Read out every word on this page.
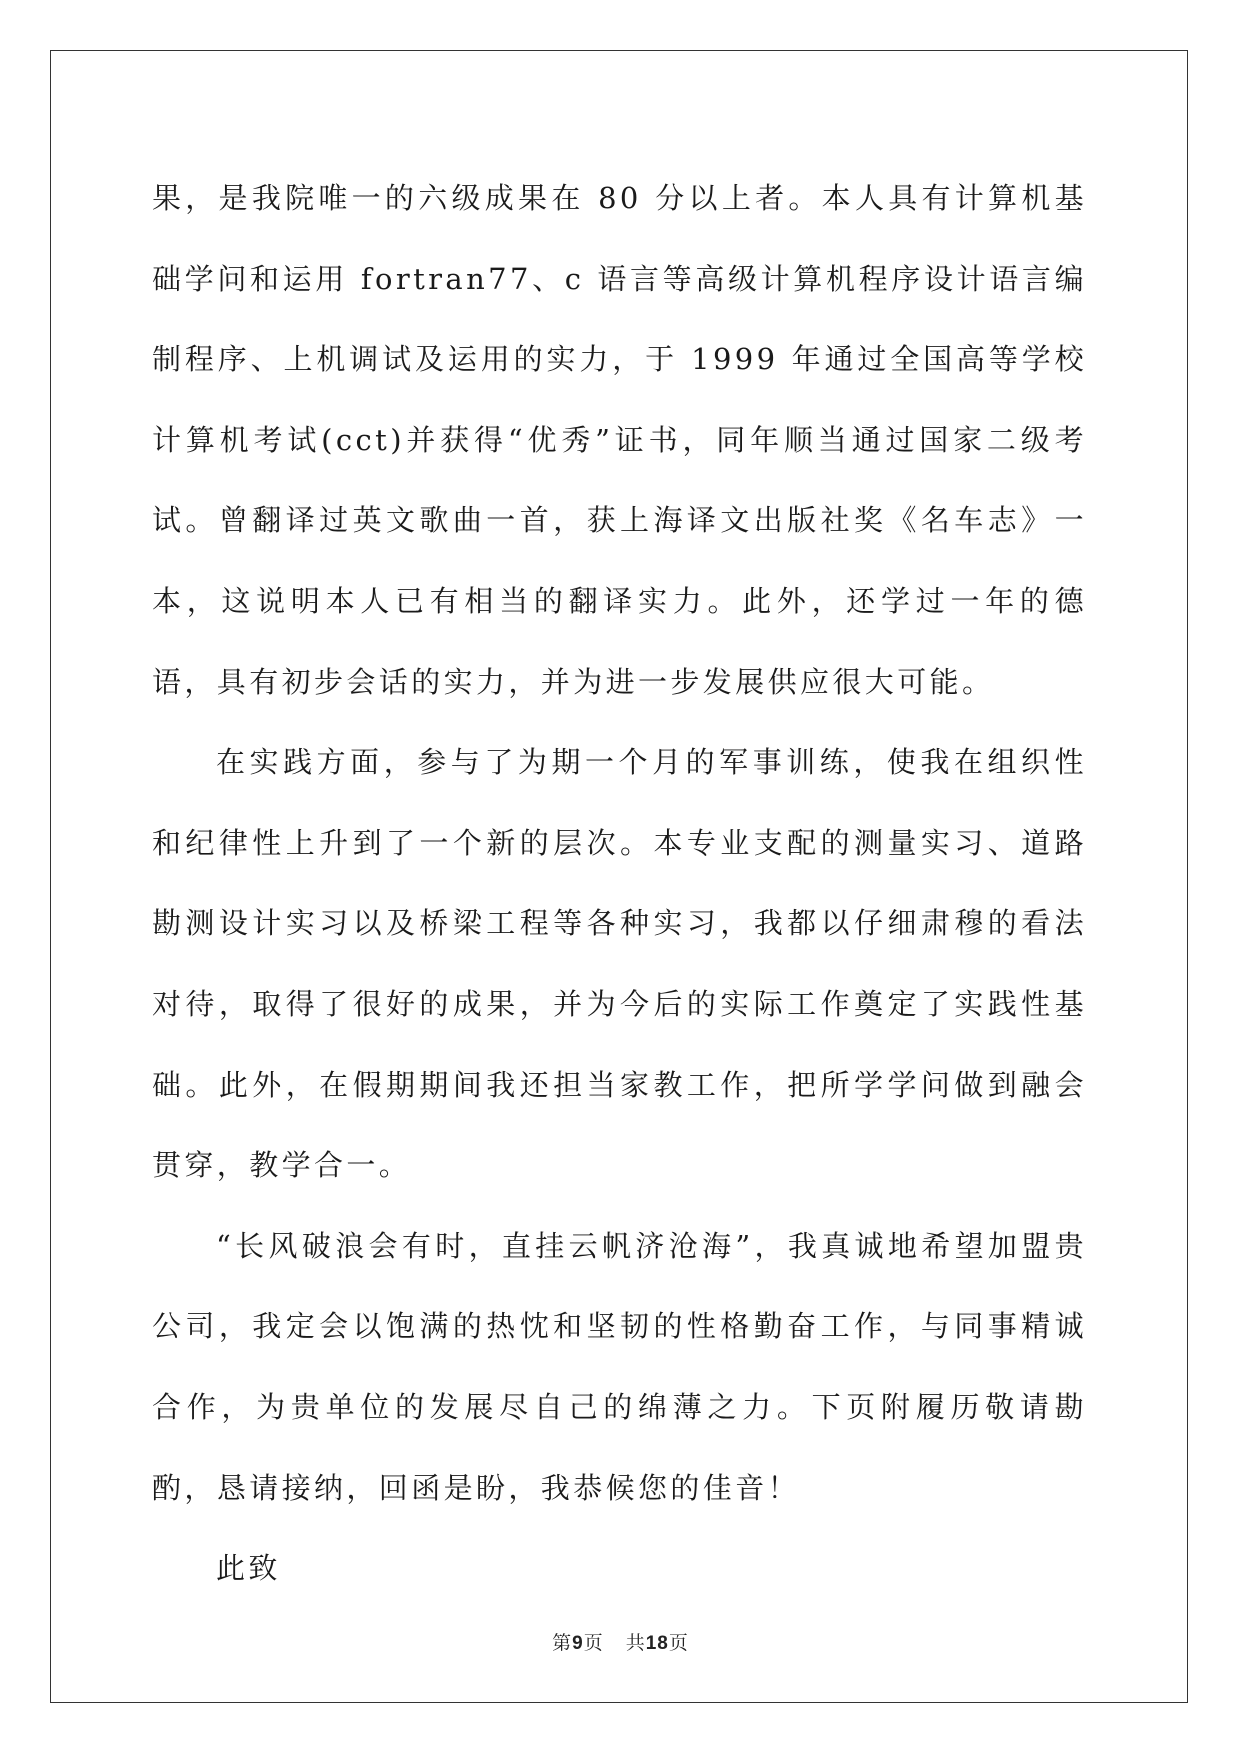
果，是我院唯一的六级成果在 80 分以上者。本人具有计算机基础学问和运用 fortran77、c 语言等高级计算机程序设计语言编制程序、上机调试及运用的实力，于 1999 年通过全国高等学校计算机考试(cct)并获得“优秀”证书，同年顺当通过国家二级考试。曾翻译过英文歌曲一首，获上海译文出版社奖《名车志》一本，这说明本人已有相当的翻译实力。此外，还学过一年的德语，具有初步会话的实力，并为进一步发展供应很大可能。

在实践方面，参与了为期一个月的军事训练，使我在组织性和纪律性上升到了一个新的层次。本专业支配的测量实习、道路勘测设计实习以及桥梁工程等各种实习，我都以仔细肃穆的看法对待，取得了很好的成果，并为今后的实际工作奠定了实践性基础。此外，在假期期间我还担当家教工作，把所学学问做到融会贯穿，教学合一。

“长风破浪会有时，直挂云帆济沧海”，我真诚地希望加盟贵公司，我定会以饱满的热忱和坚韧的性格勤奋工作，与同事精诚合作，为贵单位的发展尽自己的绵薄之力。下页附履历敬请勘酌，恳请接纳，回函是盼，我恭候您的佳音！

此致

第9页 共18页
